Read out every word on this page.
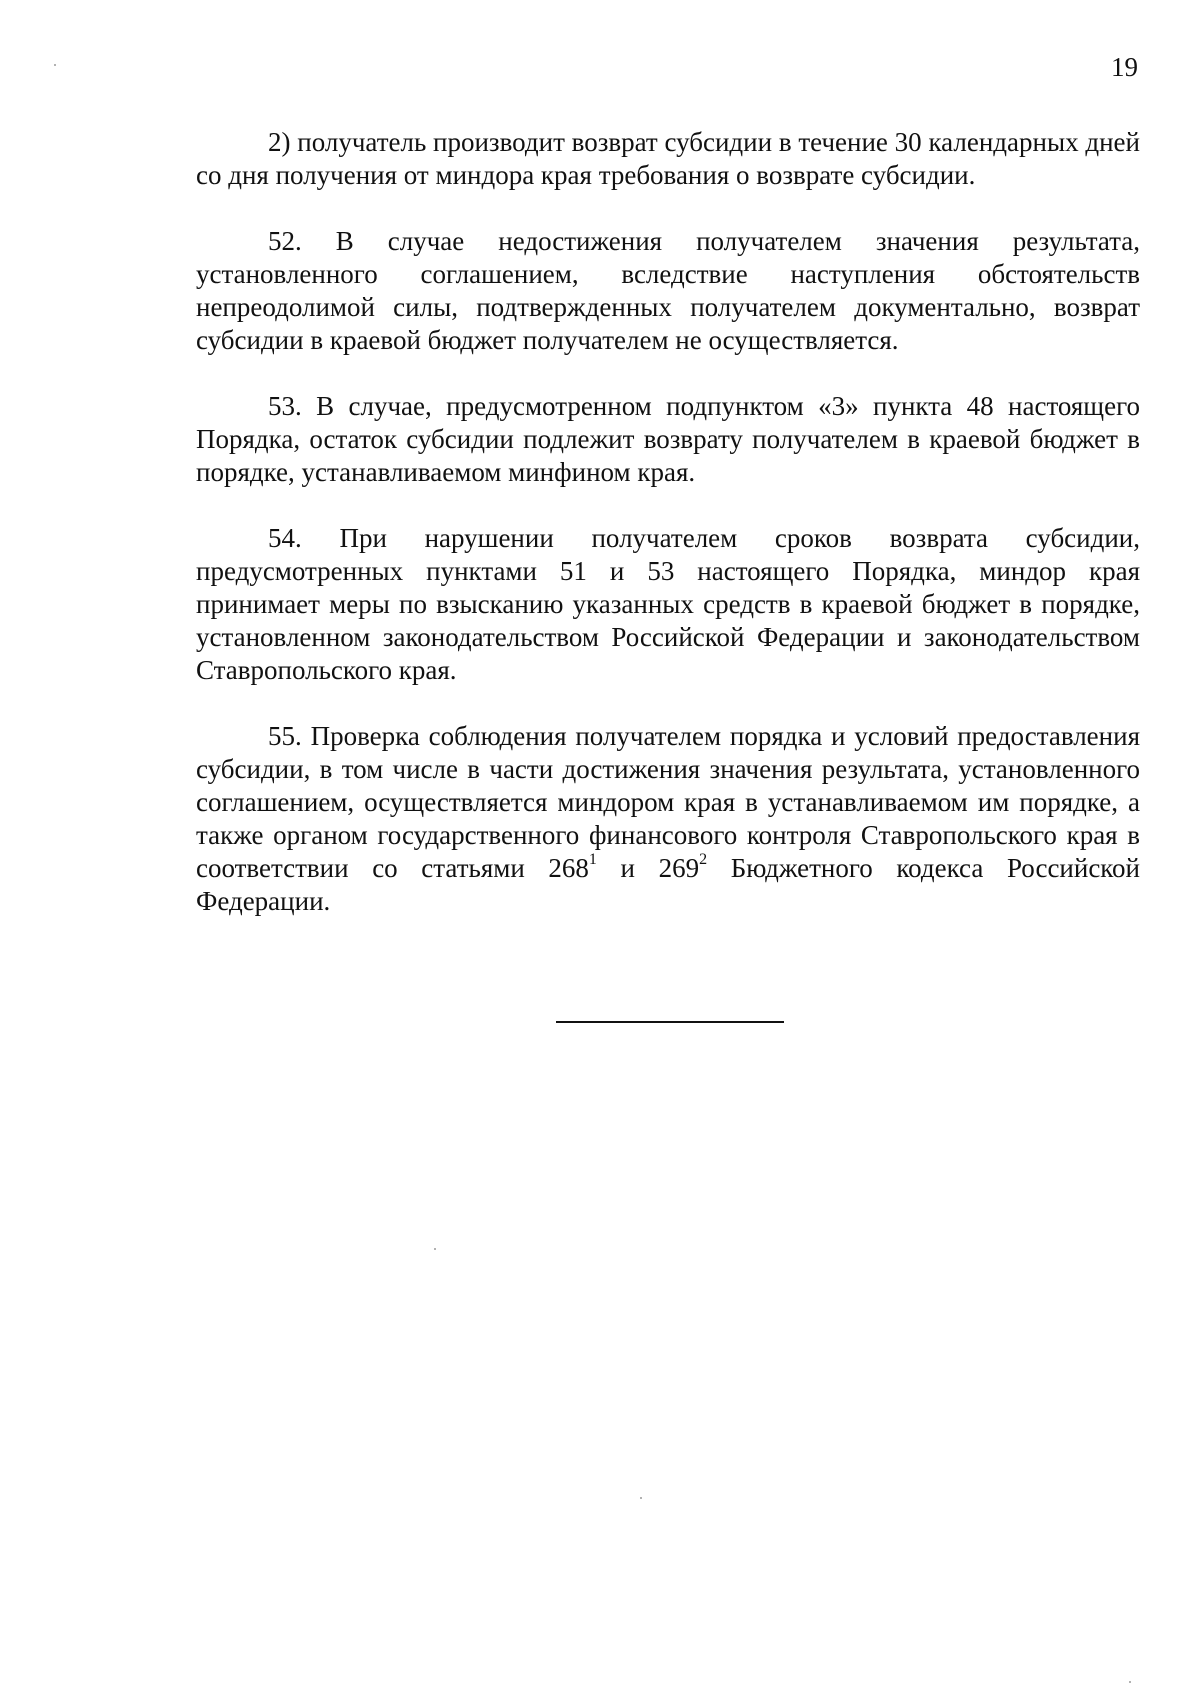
19

2) получатель производит возврат субсидии в течение 30 календарных дней со дня получения от миндора края требования о возврате субсидии.

52. В случае недостижения получателем значения результата, установленного соглашением, вследствие наступления обстоятельств непреодолимой силы, подтвержденных получателем документально, возврат субсидии в краевой бюджет получателем не осуществляется.

53. В случае, предусмотренном подпунктом «3» пункта 48 настоящего Порядка, остаток субсидии подлежит возврату получателем в краевой бюджет в порядке, устанавливаемом минфином края.

54. При нарушении получателем сроков возврата субсидии, предусмотренных пунктами 51 и 53 настоящего Порядка, миндор края принимает меры по взысканию указанных средств в краевой бюджет в порядке, установленном законодательством Российской Федерации и законодательством Ставропольского края.

55. Проверка соблюдения получателем порядка и условий предоставления субсидии, в том числе в части достижения значения результата, установленного соглашением, осуществляется миндором края в устанавливаемом им порядке, а также органом государственного финансового контроля Ставропольского края в соответствии со статьями $268^1$ и $269^2$ Бюджетного кодекса Российской Федерации.
